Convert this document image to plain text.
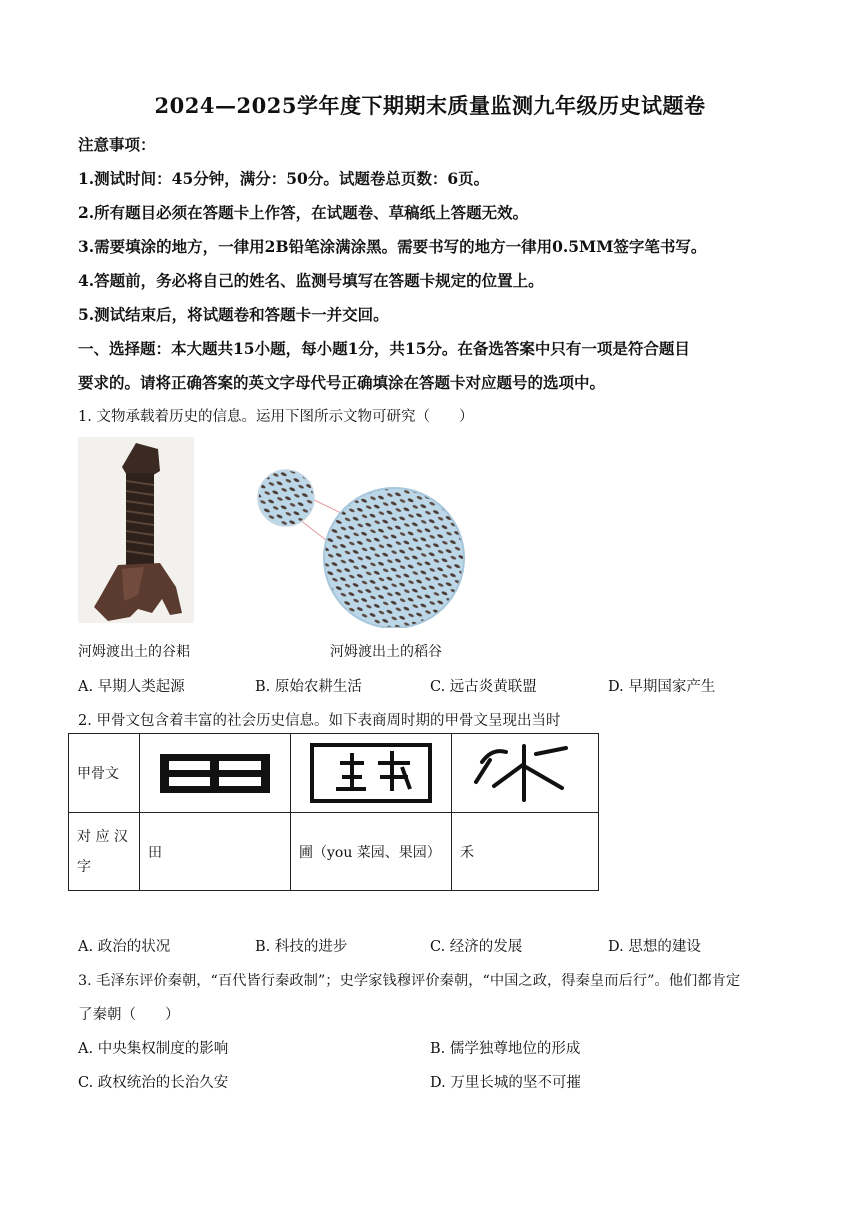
2024—2025学年度下期期末质量监测九年级历史试题卷
注意事项：
1.测试时间：45分钟，满分：50分。试题卷总页数：6页。
2.所有题目必须在答题卡上作答，在试题卷、草稿纸上答题无效。
3.需要填涂的地方，一律用2B铅笔涂满涂黑。需要书写的地方一律用0.5MM签字笔书写。
4.答题前，务必将自己的姓名、监测号填写在答题卡规定的位置上。
5.测试结束后，将试题卷和答题卡一并交回。
一、选择题：本大题共15小题，每小题1分，共15分。在备选答案中只有一项是符合题目
要求的。请将正确答案的英文字母代号正确填涂在答题卡对应题号的选项中。
1. 文物承载着历史的信息。运用下图所示文物可研究（　　）
河姆渡出土的谷耜	河姆渡出土的稻谷
A. 早期人类起源	B. 原始农耕生活	C. 远古炎黄联盟	D. 早期国家产生
2. 甲骨文包含着丰富的社会历史信息。如下表商周时期的甲骨文呈现出当时
甲骨文	

对 应 汉
字	田	圃（you 菜园、果园）	禾
A. 政治的状况	B. 科技的进步	C. 经济的发展	D. 思想的建设
3. 毛泽东评价秦朝，“百代皆行秦政制”；史学家钱穆评价秦朝，“中国之政，得秦皇而后行”。他们都肯定
了秦朝（　　）
A. 中央集权制度的影响	B. 儒学独尊地位的形成
C. 政权统治的长治久安	D. 万里长城的坚不可摧
